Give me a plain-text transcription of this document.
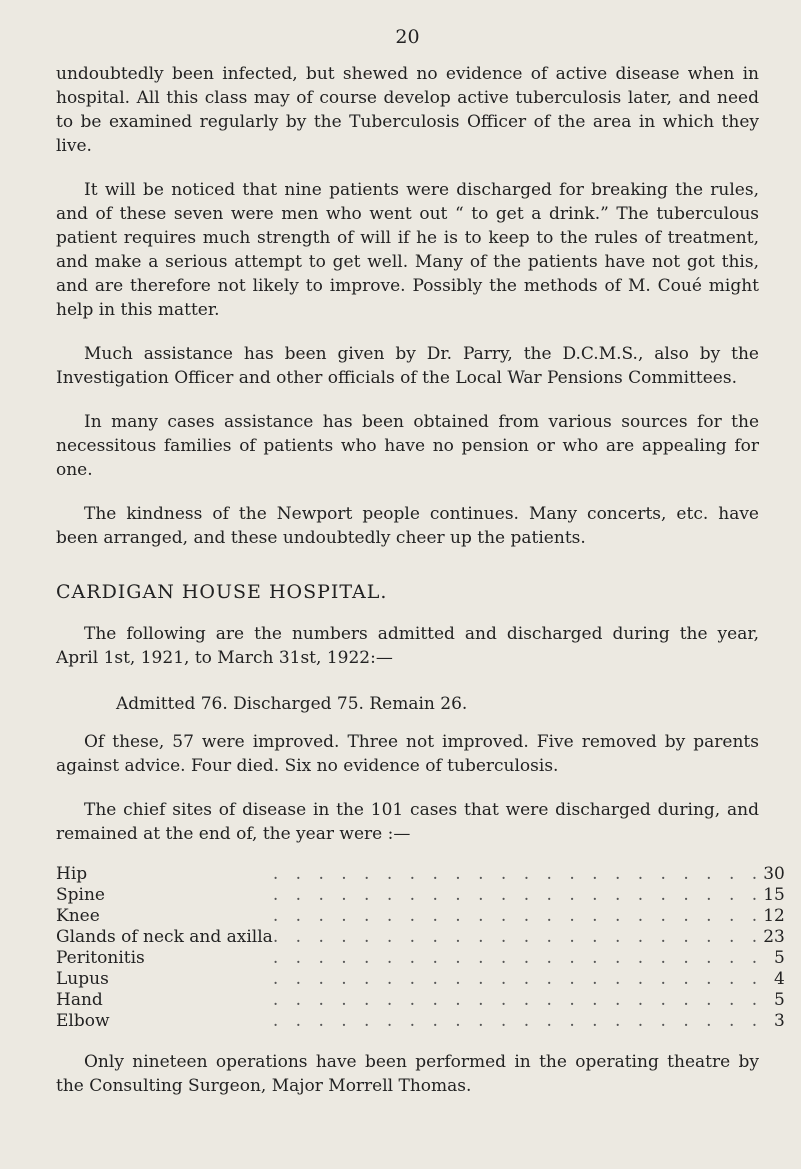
20

undoubtedly been infected, but shewed no evidence of active disease when in hospital. All this class may of course develop active tuberculosis later, and need to be examined regularly by the Tuberculosis Officer of the area in which they live.

It will be noticed that nine patients were discharged for breaking the rules, and of these seven were men who went out “ to get a drink.” The tuberculous patient requires much strength of will if he is to keep to the rules of treatment, and make a serious attempt to get well. Many of the patients have not got this, and are therefore not likely to improve. Possibly the methods of M. Coué might help in this matter.

Much assistance has been given by Dr. Parry, the D.C.M.S., also by the Investigation Officer and other officials of the Local War Pensions Committees.

In many cases assistance has been obtained from various sources for the necessitous families of patients who have no pension or who are appealing for one.

The kindness of the Newport people continues. Many concerts, etc. have been arranged, and these undoubtedly cheer up the patients.

CARDIGAN HOUSE HOSPITAL.

The following are the numbers admitted and discharged during the year, April 1st, 1921, to March 31st, 1922:—

Admitted 76. Discharged 75. Remain 26.

Of these, 57 were improved. Three not improved. Five removed by parents against advice. Four died. Six no evidence of tuberculosis.

The chief sites of disease in the 101 cases that were discharged during, and remained at the end of, the year were :—

Hip	. . . . . . . . . . . . . . . . . . . . . .	30
Spine	. . . . . . . . . . . . . . . . . . . . . .	15
Knee	. . . . . . . . . . . . . . . . . . . . . .	12
Glands of neck and axilla	. . . . . . . . . . . . . . . . . . . . . .	23
Peritonitis	. . . . . . . . . . . . . . . . . . . . . .	5
Lupus	. . . . . . . . . . . . . . . . . . . . . .	4
Hand	. . . . . . . . . . . . . . . . . . . . . .	5
Elbow	. . . . . . . . . . . . . . . . . . . . . .	3

Only nineteen operations have been performed in the operating theatre by the Consulting Surgeon, Major Morrell Thomas.
